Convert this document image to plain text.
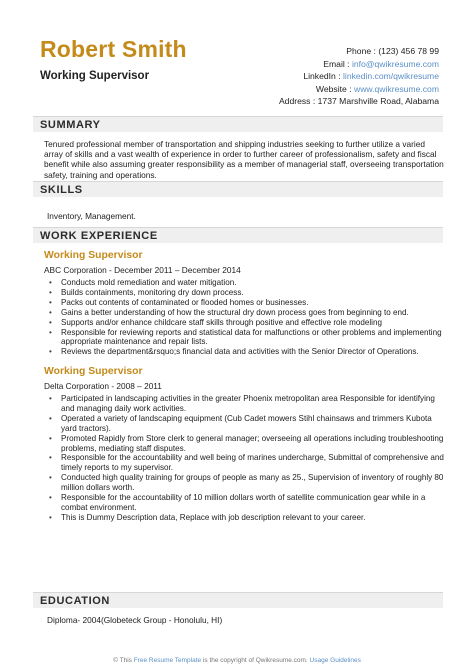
Robert Smith
Working Supervisor
Phone : (123) 456 78 99
Email : info@qwikresume.com
LinkedIn : linkedin.com/qwikresume
Website : www.qwikresume.com
Address : 1737 Marshville Road, Alabama
SUMMARY
Tenured professional member of transportation and shipping industries seeking to further utilize a varied array of skills and a vast wealth of experience in order to further career of professionalism, safety and fiscal benefit while also assuming greater responsibility as a member of managerial staff, overseeing transportation safety, training and operations.
SKILLS
Inventory, Management.
WORK EXPERIENCE
Working Supervisor
ABC Corporation - December 2011 – December 2014
• Conducts mold remediation and water mitigation.
• Builds containments, monitoring dry down process.
• Packs out contents of contaminated or flooded homes or businesses.
• Gains a better understanding of how the structural dry down process goes from beginning to end.
• Supports and/or enhance childcare staff skills through positive and effective role modeling
• Responsible for reviewing reports and statistical data for malfunctions or other problems and implementing appropriate maintenance and repair lists.
• Reviews the department&rsquo;s financial data and activities with the Senior Director of Operations.
Working Supervisor
Delta Corporation - 2008 – 2011
• Participated in landscaping activities in the greater Phoenix metropolitan area Responsible for identifying and managing daily work activities.
• Operated a variety of landscaping equipment (Cub Cadet mowers Stihl chainsaws and trimmers Kubota yard tractors).
• Promoted Rapidly from Store clerk to general manager; overseeing all operations including troubleshooting problems, mediating staff disputes.
• Responsible for the accountability and well being of marines undercharge, Submittal of comprehensive and timely reports to my supervisor.
• Conducted high quality training for groups of people as many as 25., Supervision of inventory of roughly 80 million dollars worth.
• Responsible for the accountability of 10 million dollars worth of satellite communication gear while in a combat environment.
• This is Dummy Description data, Replace with job description relevant to your career.
EDUCATION
Diploma- 2004(Globeteck Group - Honolulu, HI)
© This Free Resume Template is the copyright of Qwikresume.com. Usage Guidelines
